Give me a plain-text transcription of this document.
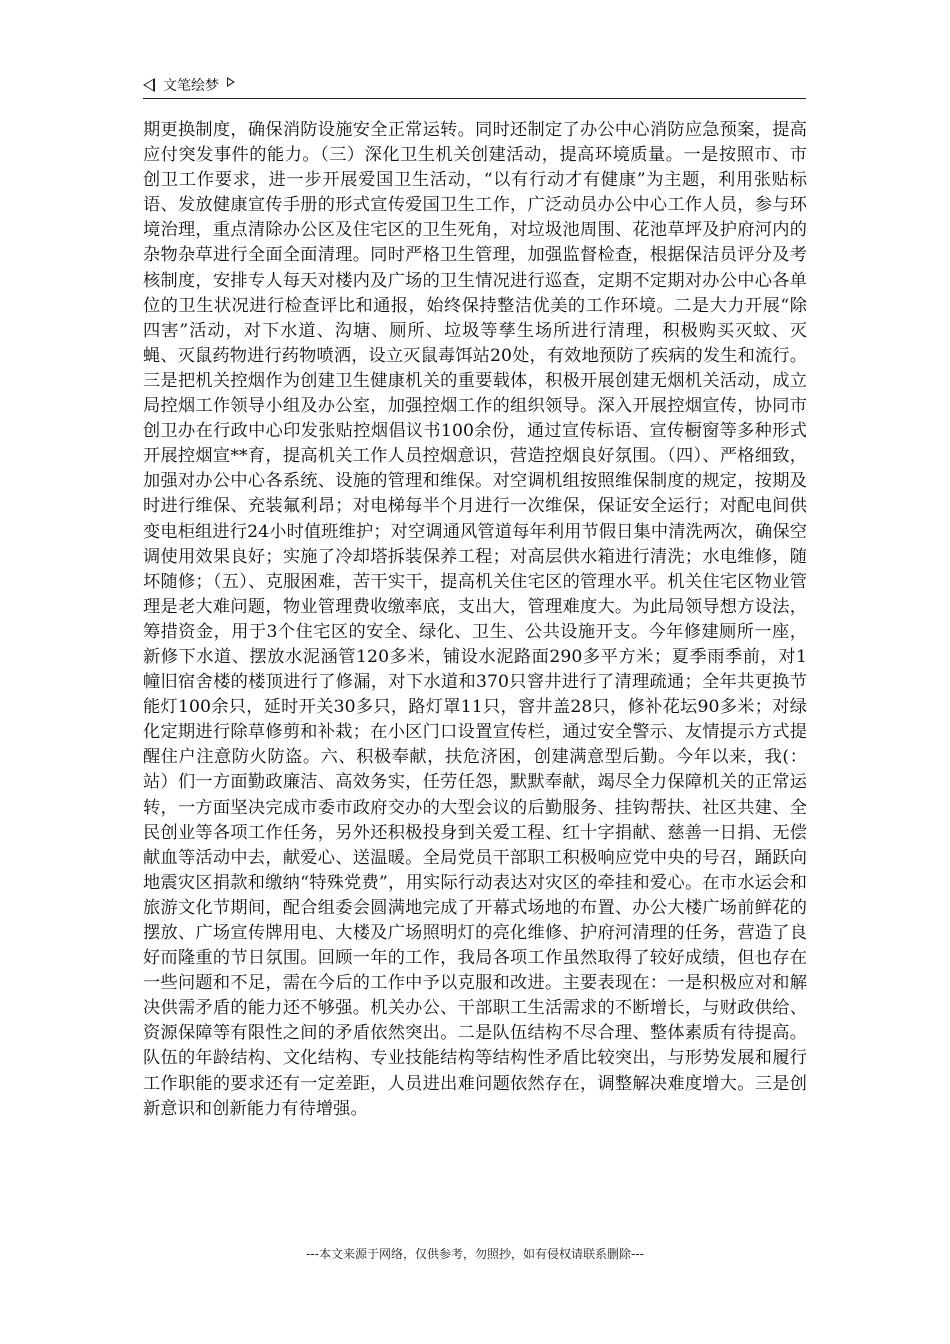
文笔绘梦

期更换制度，确保消防设施安全正常运转。同时还制定了办公中心消防应急预案，提高应付突发事件的能力。（三）深化卫生机关创建活动，提高环境质量。一是按照市、市创卫工作要求，进一步开展爱国卫生活动，“以有行动才有健康”为主题，利用张贴标语、发放健康宣传手册的形式宣传爱国卫生工作，广泛动员办公中心工作人员，参与环境治理，重点清除办公区及住宅区的卫生死角，对垃圾池周围、花池草坪及护府河内的杂物杂草进行全面全面清理。同时严格卫生管理，加强监督检查，根据保洁员评分及考核制度，安排专人每天对楼内及广场的卫生情况进行巡查，定期不定期对办公中心各单位的卫生状况进行检查评比和通报，始终保持整洁优美的工作环境。二是大力开展“除四害”活动，对下水道、沟塘、厕所、垃圾等孳生场所进行清理，积极购买灭蚊、灭蝇、灭鼠药物进行药物喷洒，设立灭鼠毒饵站20处，有效地预防了疾病的发生和流行。三是把机关控烟作为创建卫生健康机关的重要载体，积极开展创建无烟机关活动，成立局控烟工作领导小组及办公室，加强控烟工作的组织领导。深入开展控烟宣传，协同市创卫办在行政中心印发张贴控烟倡议书100余份，通过宣传标语、宣传橱窗等多种形式开展控烟宣**育，提高机关工作人员控烟意识，营造控烟良好氛围。（四）、严格细致，加强对办公中心各系统、设施的管理和维保。对空调机组按照维保制度的规定，按期及时进行维保、充装氟利昂；对电梯每半个月进行一次维保，保证安全运行；对配电间供变电柜组进行24小时值班维护；对空调通风管道每年利用节假日集中清洗两次，确保空调使用效果良好；实施了冷却塔拆装保养工程；对高层供水箱进行清洗；水电维修，随坏随修；（五）、克服困难，苦干实干，提高机关住宅区的管理水平。机关住宅区物业管理是老大难问题，物业管理费收缴率底，支出大，管理难度大。为此局领导想方设法，筹措资金，用于3个住宅区的安全、绿化、卫生、公共设施开支。今年修建厕所一座，新修下水道、摆放水泥涵管120多米，铺设水泥路面290多平方米；夏季雨季前，对1幢旧宿舍楼的楼顶进行了修漏，对下水道和370只窨井进行了清理疏通；全年共更换节能灯100余只，延时开关30多只，路灯罩11只，窨井盖28只，修补花坛90多米；对绿化定期进行除草修剪和补栽；在小区门口设置宣传栏，通过安全警示、友情提示方式提醒住户注意防火防盗。六、积极奉献，扶危济困，创建满意型后勤。今年以来，我(：站）们一方面勤政廉洁、高效务实，任劳任怨，默默奉献，竭尽全力保障机关的正常运转，一方面坚决完成市委市政府交办的大型会议的后勤服务、挂钩帮扶、社区共建、全民创业等各项工作任务，另外还积极投身到关爱工程、红十字捐献、慈善一日捐、无偿献血等活动中去，献爱心、送温暖。全局党员干部职工积极响应党中央的号召，踊跃向地震灾区捐款和缴纳“特殊党费”，用实际行动表达对灾区的牵挂和爱心。在市水运会和旅游文化节期间，配合组委会圆满地完成了开幕式场地的布置、办公大楼广场前鲜花的摆放、广场宣传牌用电、大楼及广场照明灯的亮化维修、护府河清理的任务，营造了良好而隆重的节日氛围。回顾一年的工作，我局各项工作虽然取得了较好成绩，但也存在一些问题和不足，需在今后的工作中予以克服和改进。主要表现在：一是积极应对和解决供需矛盾的能力还不够强。机关办公、干部职工生活需求的不断增长，与财政供给、资源保障等有限性之间的矛盾依然突出。二是队伍结构不尽合理、整体素质有待提高。队伍的年龄结构、文化结构、专业技能结构等结构性矛盾比较突出，与形势发展和履行工作职能的要求还有一定差距，人员进出难问题依然存在，调整解决难度增大。三是创新意识和创新能力有待增强。

---本文来源于网络，仅供参考，勿照抄，如有侵权请联系删除---
